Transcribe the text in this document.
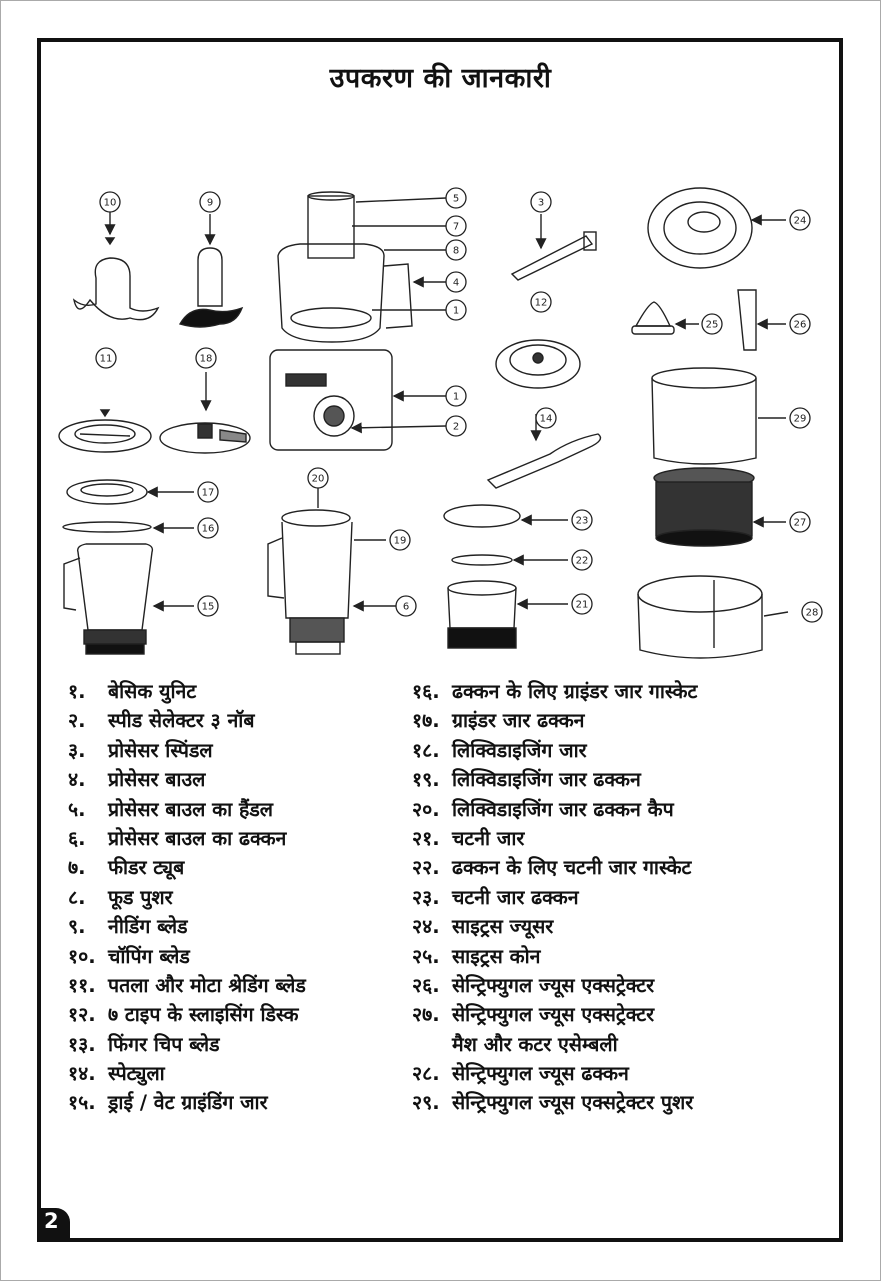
उपकरण की जानकारी
10	9	5
7
8
3
24
11	18
4
12
1
25	26
1
2
14
20
17
16
19
6
23
22
21
15
28
27
29
१. बेसिक युनिट
२. स्पीड सेलेक्टर ३ नॉब
३. प्रोसेसर स्पिंडल
४. प्रोसेसर बाउल
५. प्रोसेसर बाउल का हैंडल
६. प्रोसेसर बाउल का ढक्कन
७. फीडर ट्यूब
८. फूड पुशर
९. नीडिंग ब्लेड
१०. चॉपिंग ब्लेड
११. पतला और मोटा श्रेडिंग ब्लेड
१२. ७ टाइप के स्लाइसिंग डिस्क
१३. फिंगर चिप ब्लेड
१४. स्पेट्युला
१५. ड्राई / वेट ग्राइंडिंग जार
१६. ढक्कन के लिए ग्राइंडर जार गास्केट
१७. ग्राइंडर जार ढक्कन
१८. लिक्विडाइजिंग जार
१९. लिक्विडाइजिंग जार ढक्कन
२०. लिक्विडाइजिंग जार ढक्कन कैप
२१. चटनी जार
२२. ढक्कन के लिए चटनी जार गास्केट
२३. चटनी जार ढक्कन
२४. साइट्रस ज्यूसर
२५. साइट्रस कोन
२६. सेन्ट्रिफ्युगल ज्यूस एक्सट्रेक्टर
२७. सेन्ट्रिफ्युगल ज्यूस एक्सट्रेक्टर
मैश और कटर एसेम्बली
२८. सेन्ट्रिफ्युगल ज्यूस ढक्कन
२९. सेन्ट्रिफ्युगल ज्यूस एक्सट्रेक्टर पुशर
2
